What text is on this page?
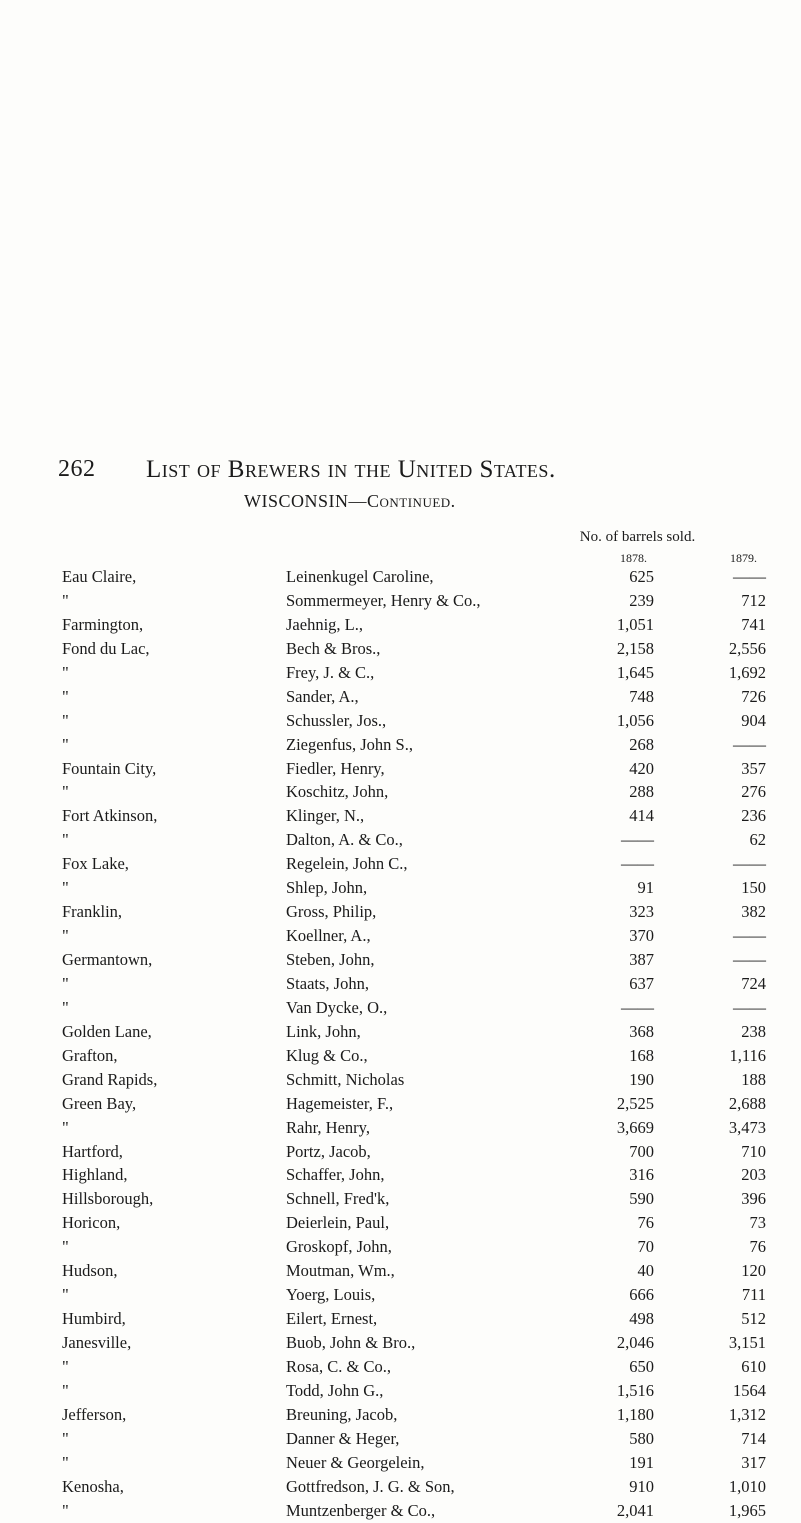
262 List of Brewers in the United States.
WISCONSIN—Continued.
No. of barrels sold.
1878.	1879.
Eau Claire,	Leinenkugel Caroline,	625	——
"	Sommermeyer, Henry & Co.,	239	712
Farmington,	Jaehnig, L.,	1,051	741
Fond du Lac,	Bech & Bros.,	2,158	2,556
"	Frey, J. & C.,	1,645	1,692
"	Sander, A.,	748	726
"	Schussler, Jos.,	1,056	904
"	Ziegenfus, John S.,	268	——
Fountain City,	Fiedler, Henry,	420	357
"	Koschitz, John,	288	276
Fort Atkinson,	Klinger, N.,	414	236
"	Dalton, A. & Co.,	——	62
Fox Lake,	Regelein, John C.,	——	——
"	Shlep, John,	91	150
Franklin,	Gross, Philip,	323	382
"	Koellner, A.,	370	——
Germantown,	Steben, John,	387	——
"	Staats, John,	637	724
"	Van Dycke, O.,	——	——
Golden Lane,	Link, John,	368	238
Grafton,	Klug & Co.,	168	1,116
Grand Rapids,	Schmitt, Nicholas	190	188
Green Bay,	Hagemeister, F.,	2,525	2,688
"	Rahr, Henry,	3,669	3,473
Hartford,	Portz, Jacob,	700	710
Highland,	Schaffer, John,	316	203
Hillsborough,	Schnell, Fred'k,	590	396
Horicon,	Deierlein, Paul,	76	73
"	Groskopf, John,	70	76
Hudson,	Moutman, Wm.,	40	120
"	Yoerg, Louis,	666	711
Humbird,	Eilert, Ernest,	498	512
Janesville,	Buob, John & Bro.,	2,046	3,151
"	Rosa, C. & Co.,	650	610
"	Todd, John G.,	1,516	1564
Jefferson,	Breuning, Jacob,	1,180	1,312
"	Danner & Heger,	580	714
"	Neuer & Georgelein,	191	317
Kenosha,	Gottfredson, J. G. & Son,	910	1,010
"	Muntzenberger & Co.,	2,041	1,965
